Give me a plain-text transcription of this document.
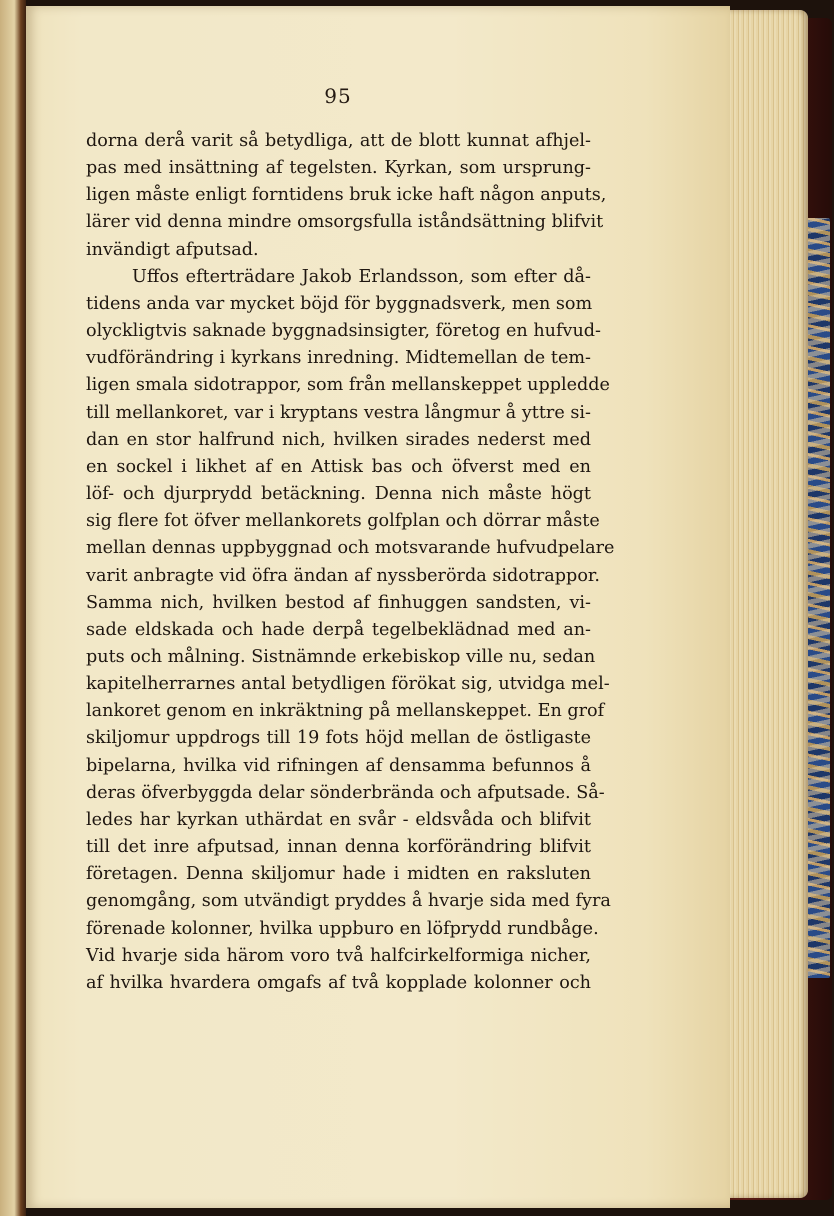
95
dorna derå varit så betydliga, att de blott kunnat afhjel-
pas med insättning af tegelsten. Kyrkan, som ursprung-
ligen måste enligt forntidens bruk icke haft någon anputs,
lärer vid denna mindre omsorgsfulla iståndsättning blifvit
invändigt afputsad.
Uffos efterträdare Jakob Erlandsson, som efter då-
tidens anda var mycket böjd för byggnadsverk, men som
olyckligtvis saknade byggnadsinsigter, företog en hufvud-
vudförändring i kyrkans inredning. Midtemellan de tem-
ligen smala sidotrappor, som från mellanskeppet uppledde
till mellankoret, var i kryptans vestra långmur å yttre si-
dan en stor halfrund nich, hvilken sirades nederst med
en sockel i likhet af en Attisk bas och öfverst med en
löf- och djurprydd betäckning. Denna nich måste högt
sig flere fot öfver mellankorets golfplan och dörrar måste
mellan dennas uppbyggnad och motsvarande hufvudpelare
varit anbragte vid öfra ändan af nyssberörda sidotrappor.
Samma nich, hvilken bestod af finhuggen sandsten, vi-
sade eldskada och hade derpå tegelbeklädnad med an-
puts och målning. Sistnämnde erkebiskop ville nu, sedan
kapitelherrarnes antal betydligen förökat sig, utvidga mel-
lankoret genom en inkräktning på mellanskeppet. En grof
skiljomur uppdrogs till 19 fots höjd mellan de östligaste
bipelarna, hvilka vid rifningen af densamma befunnos å
deras öfverbyggda delar sönderbrända och afputsade. Så-
ledes har kyrkan uthärdat en svår - eldsvåda och blifvit
till det inre afputsad, innan denna korförändring blifvit
företagen. Denna skiljomur hade i midten en raksluten
genomgång, som utvändigt pryddes å hvarje sida med fyra
förenade kolonner, hvilka uppburo en löfprydd rundbåge.
Vid hvarje sida härom voro två halfcirkelformiga nicher,
af hvilka hvardera omgafs af två kopplade kolonner och
